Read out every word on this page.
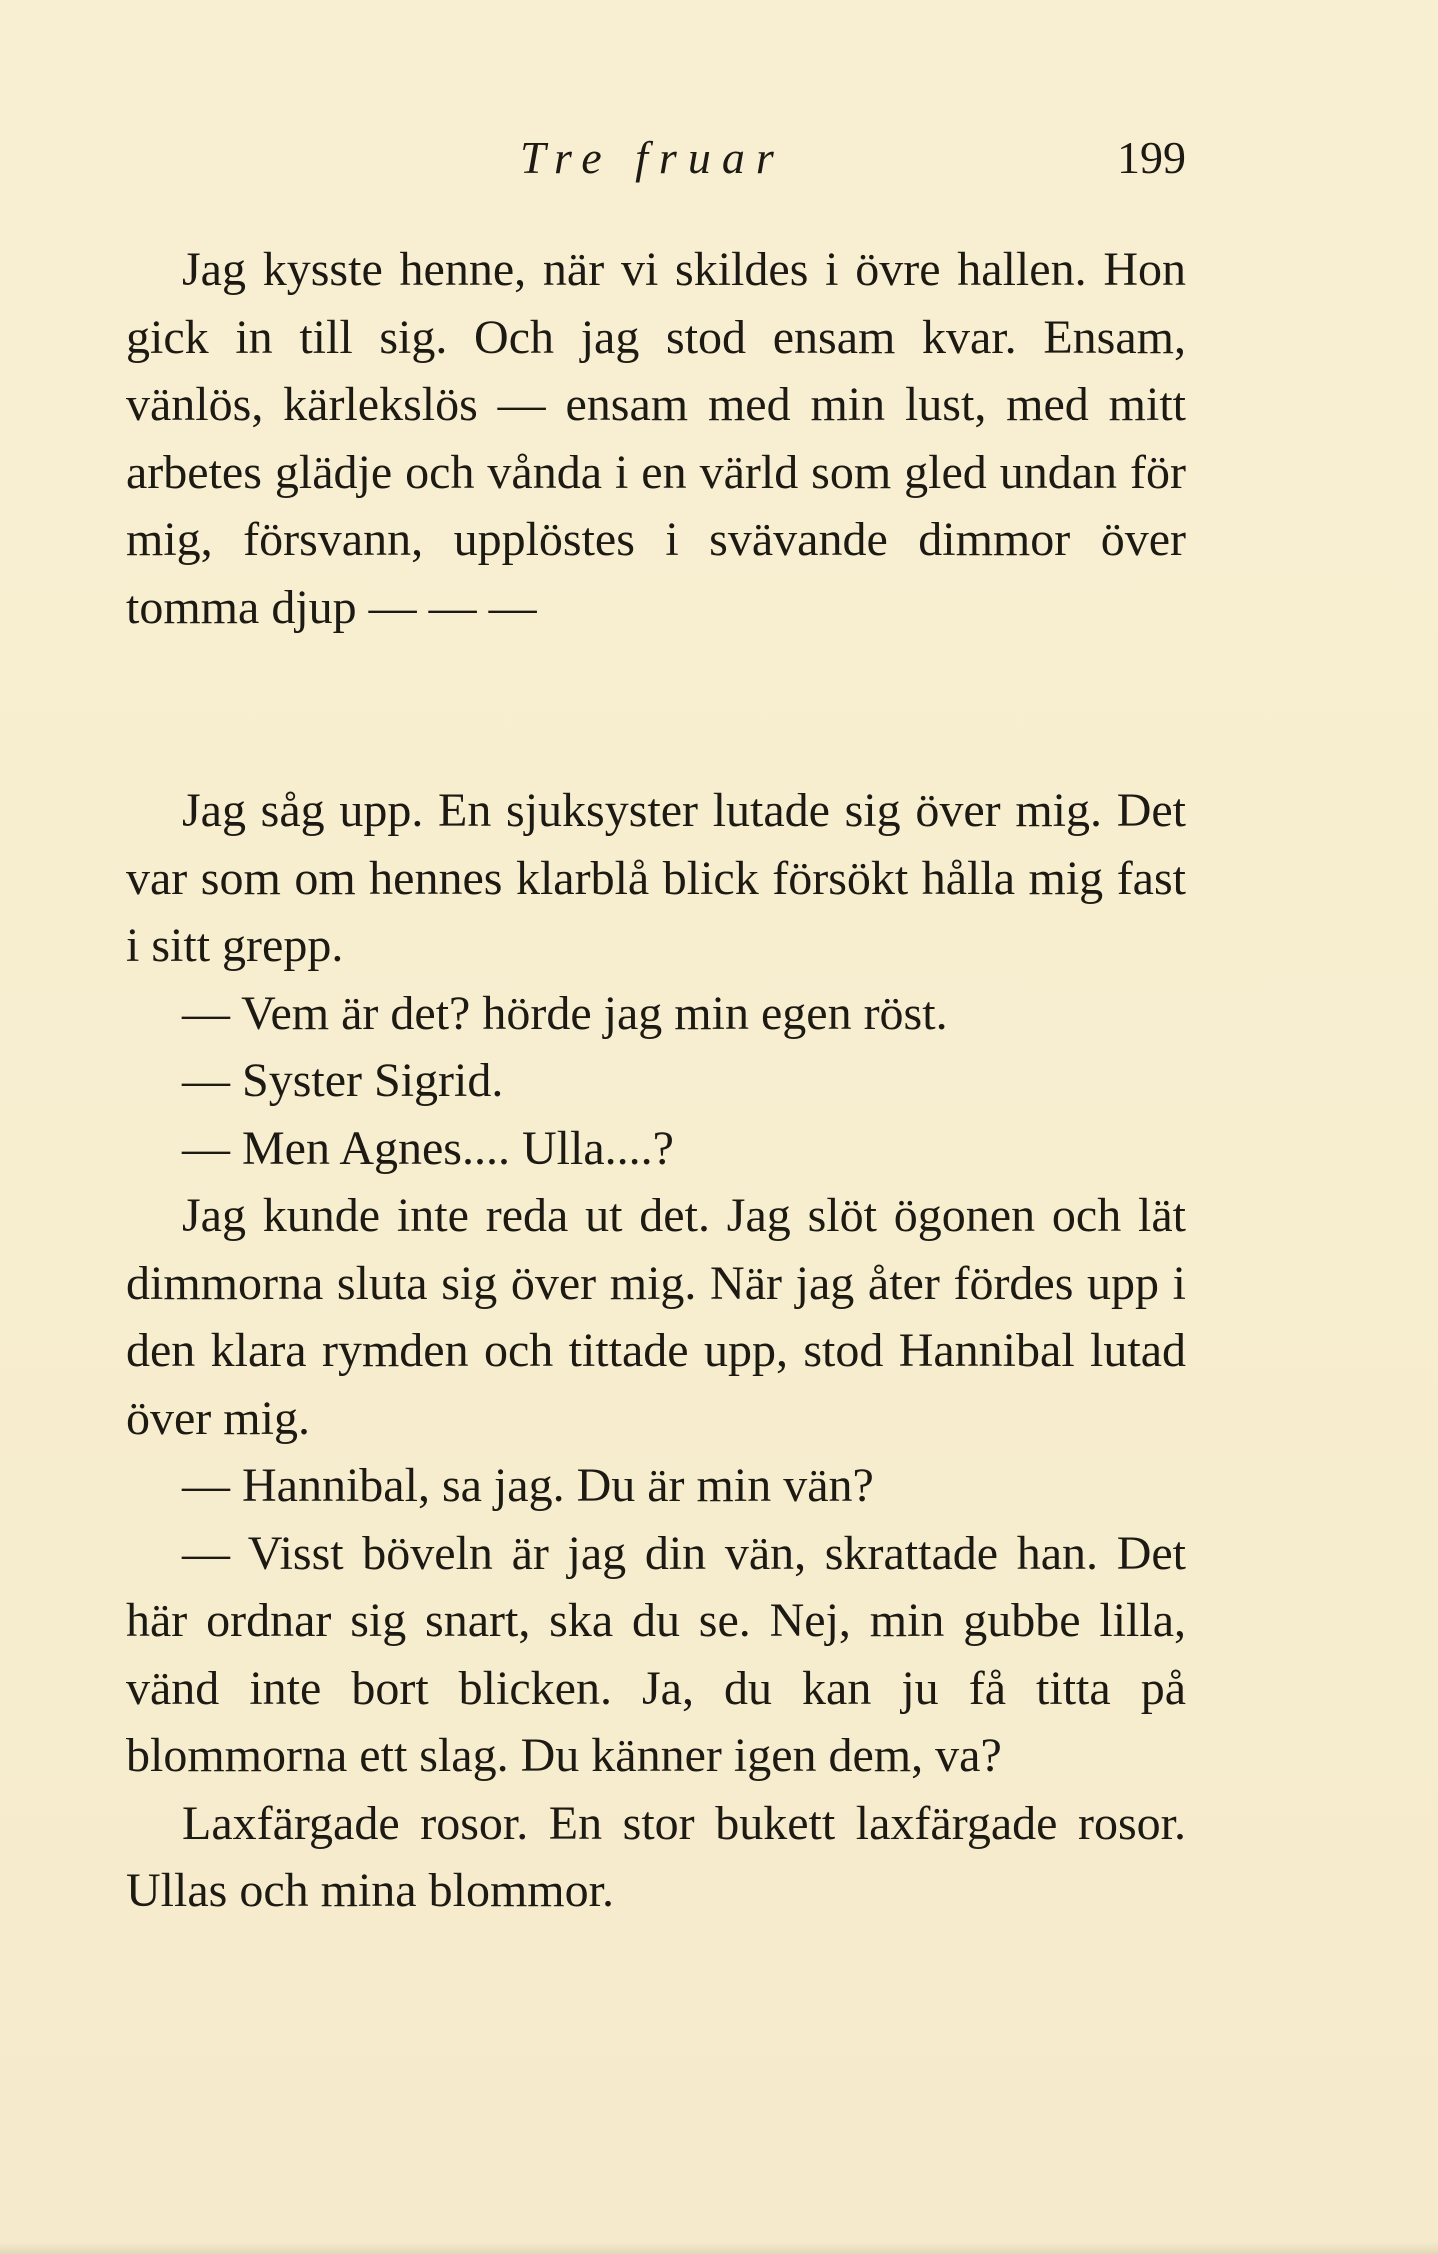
Tre fruar	199

Jag kysste henne, när vi skildes i övre hallen. Hon gick in till sig. Och jag stod ensam kvar. Ensam, vänlös, kärlekslös — ensam med min lust, med mitt arbetes glädje och vånda i en värld som gled undan för mig, försvann, upplöstes i svävande dimmor över tomma djup — — —

Jag såg upp. En sjuksyster lutade sig över mig. Det var som om hennes klarblå blick försökt hålla mig fast i sitt grepp.

— Vem är det? hörde jag min egen röst.

— Syster Sigrid.

— Men Agnes.... Ulla....?

Jag kunde inte reda ut det. Jag slöt ögonen och lät dimmorna sluta sig över mig. När jag åter fördes upp i den klara rymden och tittade upp, stod Hannibal lutad över mig.

— Hannibal, sa jag. Du är min vän?

— Visst böveln är jag din vän, skrattade han. Det här ordnar sig snart, ska du se. Nej, min gubbe lilla, vänd inte bort blicken. Ja, du kan ju få titta på blommorna ett slag. Du känner igen dem, va?

Laxfärgade rosor. En stor bukett laxfärgade rosor. Ullas och mina blommor.
